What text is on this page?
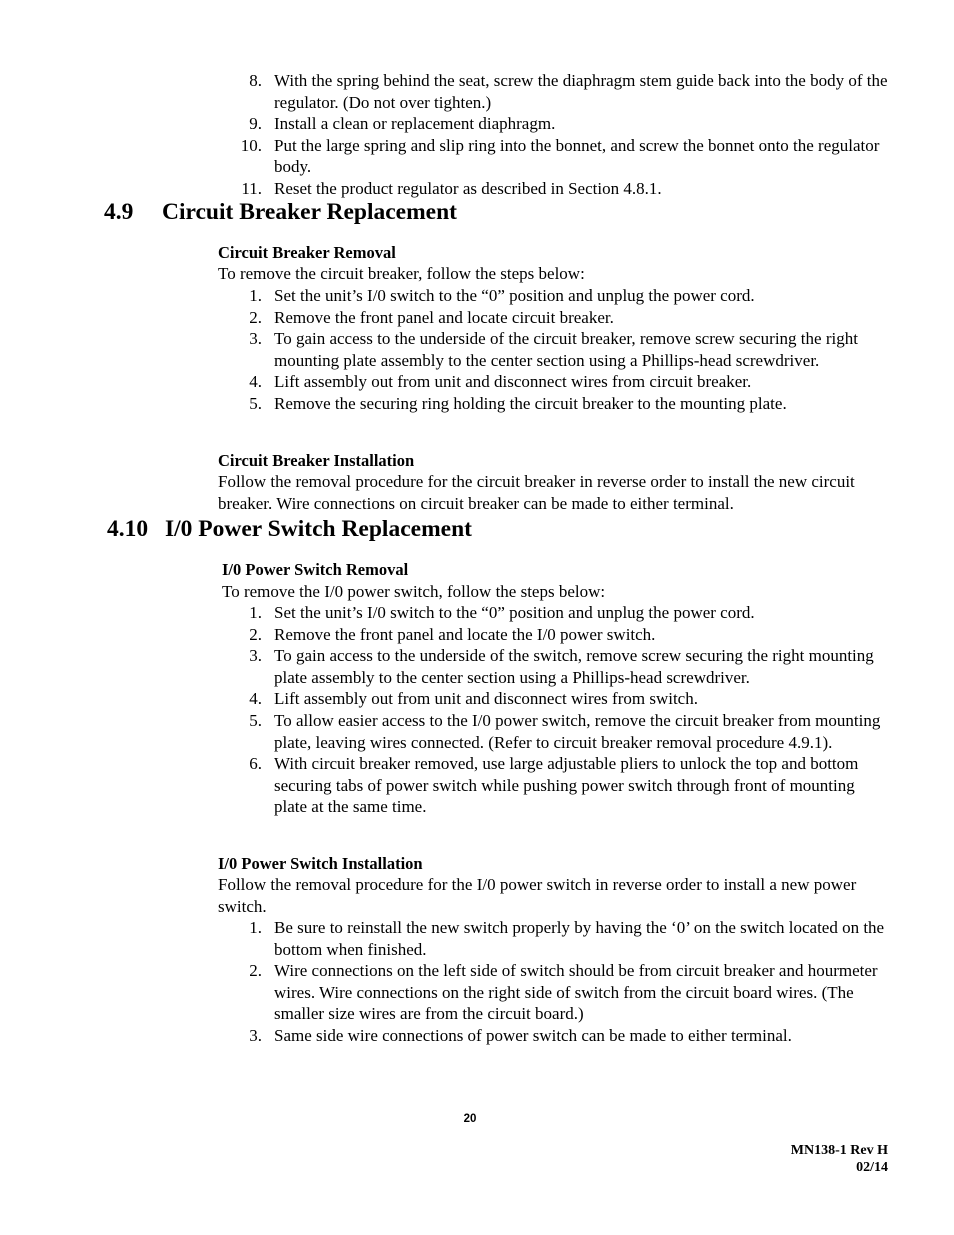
8. With the spring behind the seat, screw the diaphragm stem guide back into the body of the regulator. (Do not over tighten.)
9. Install a clean or replacement diaphragm.
10. Put the large spring and slip ring into the bonnet, and screw the bonnet onto the regulator body.
11. Reset the product regulator as described in Section 4.8.1.
4.9 Circuit Breaker Replacement
Circuit Breaker Removal
To remove the circuit breaker, follow the steps below:
1. Set the unit’s I/0 switch to the “0” position and unplug the power cord.
2. Remove the front panel and locate circuit breaker.
3. To gain access to the underside of the circuit breaker, remove screw securing the right mounting plate assembly to the center section using a Phillips-head screwdriver.
4. Lift assembly out from unit and disconnect wires from circuit breaker.
5. Remove the securing ring holding the circuit breaker to the mounting plate.
Circuit Breaker Installation
Follow the removal procedure for the circuit breaker in reverse order to install the new circuit breaker. Wire connections on circuit breaker can be made to either terminal.
4.10 I/0 Power Switch Replacement
I/0 Power Switch Removal
To remove the I/0 power switch, follow the steps below:
1. Set the unit’s I/0 switch to the “0” position and unplug the power cord.
2. Remove the front panel and locate the I/0 power switch.
3. To gain access to the underside of the switch, remove screw securing the right mounting plate assembly to the center section using a Phillips-head screwdriver.
4. Lift assembly out from unit and disconnect wires from switch.
5. To allow easier access to the I/0 power switch, remove the circuit breaker from mounting plate, leaving wires connected. (Refer to circuit breaker removal procedure 4.9.1).
6. With circuit breaker removed, use large adjustable pliers to unlock the top and bottom securing tabs of power switch while pushing power switch through front of mounting plate at the same time.
I/0 Power Switch Installation
Follow the removal procedure for the I/0 power switch in reverse order to install a new power switch.
1. Be sure to reinstall the new switch properly by having the ‘0’ on the switch located on the bottom when finished.
2. Wire connections on the left side of switch should be from circuit breaker and hourmeter wires. Wire connections on the right side of switch from the circuit board wires. (The smaller size wires are from the circuit board.)
3. Same side wire connections of power switch can be made to either terminal.
20
MN138-1 Rev H
02/14
